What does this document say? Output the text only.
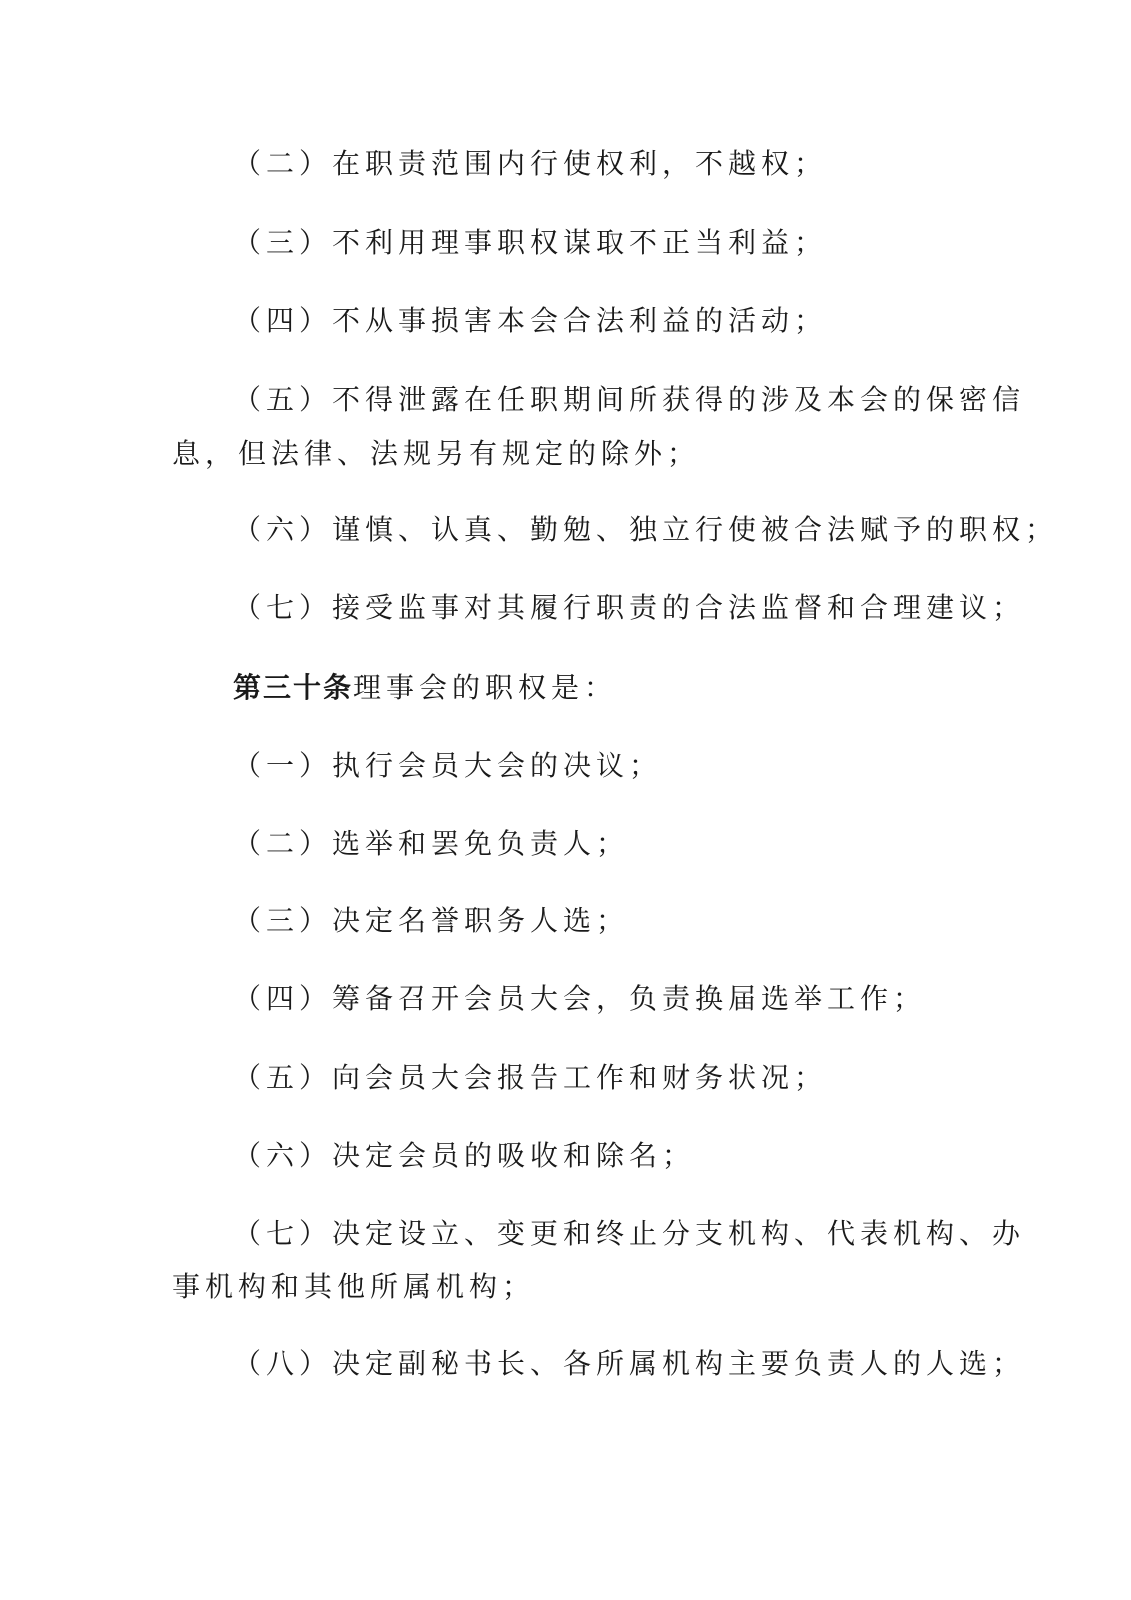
（二）在职责范围内行使权利，不越权；
（三）不利用理事职权谋取不正当利益；
（四）不从事损害本会合法利益的活动；
（五）不得泄露在任职期间所获得的涉及本会的保密信
息，但法律、法规另有规定的除外；
（六）谨慎、认真、勤勉、独立行使被合法赋予的职权；
（七）接受监事对其履行职责的合法监督和合理建议；
第三十条理事会的职权是：
（一）执行会员大会的决议；
（二）选举和罢免负责人；
（三）决定名誉职务人选；
（四）筹备召开会员大会，负责换届选举工作；
（五）向会员大会报告工作和财务状况；
（六）决定会员的吸收和除名；
（七）决定设立、变更和终止分支机构、代表机构、办
事机构和其他所属机构；
（八）决定副秘书长、各所属机构主要负责人的人选；
